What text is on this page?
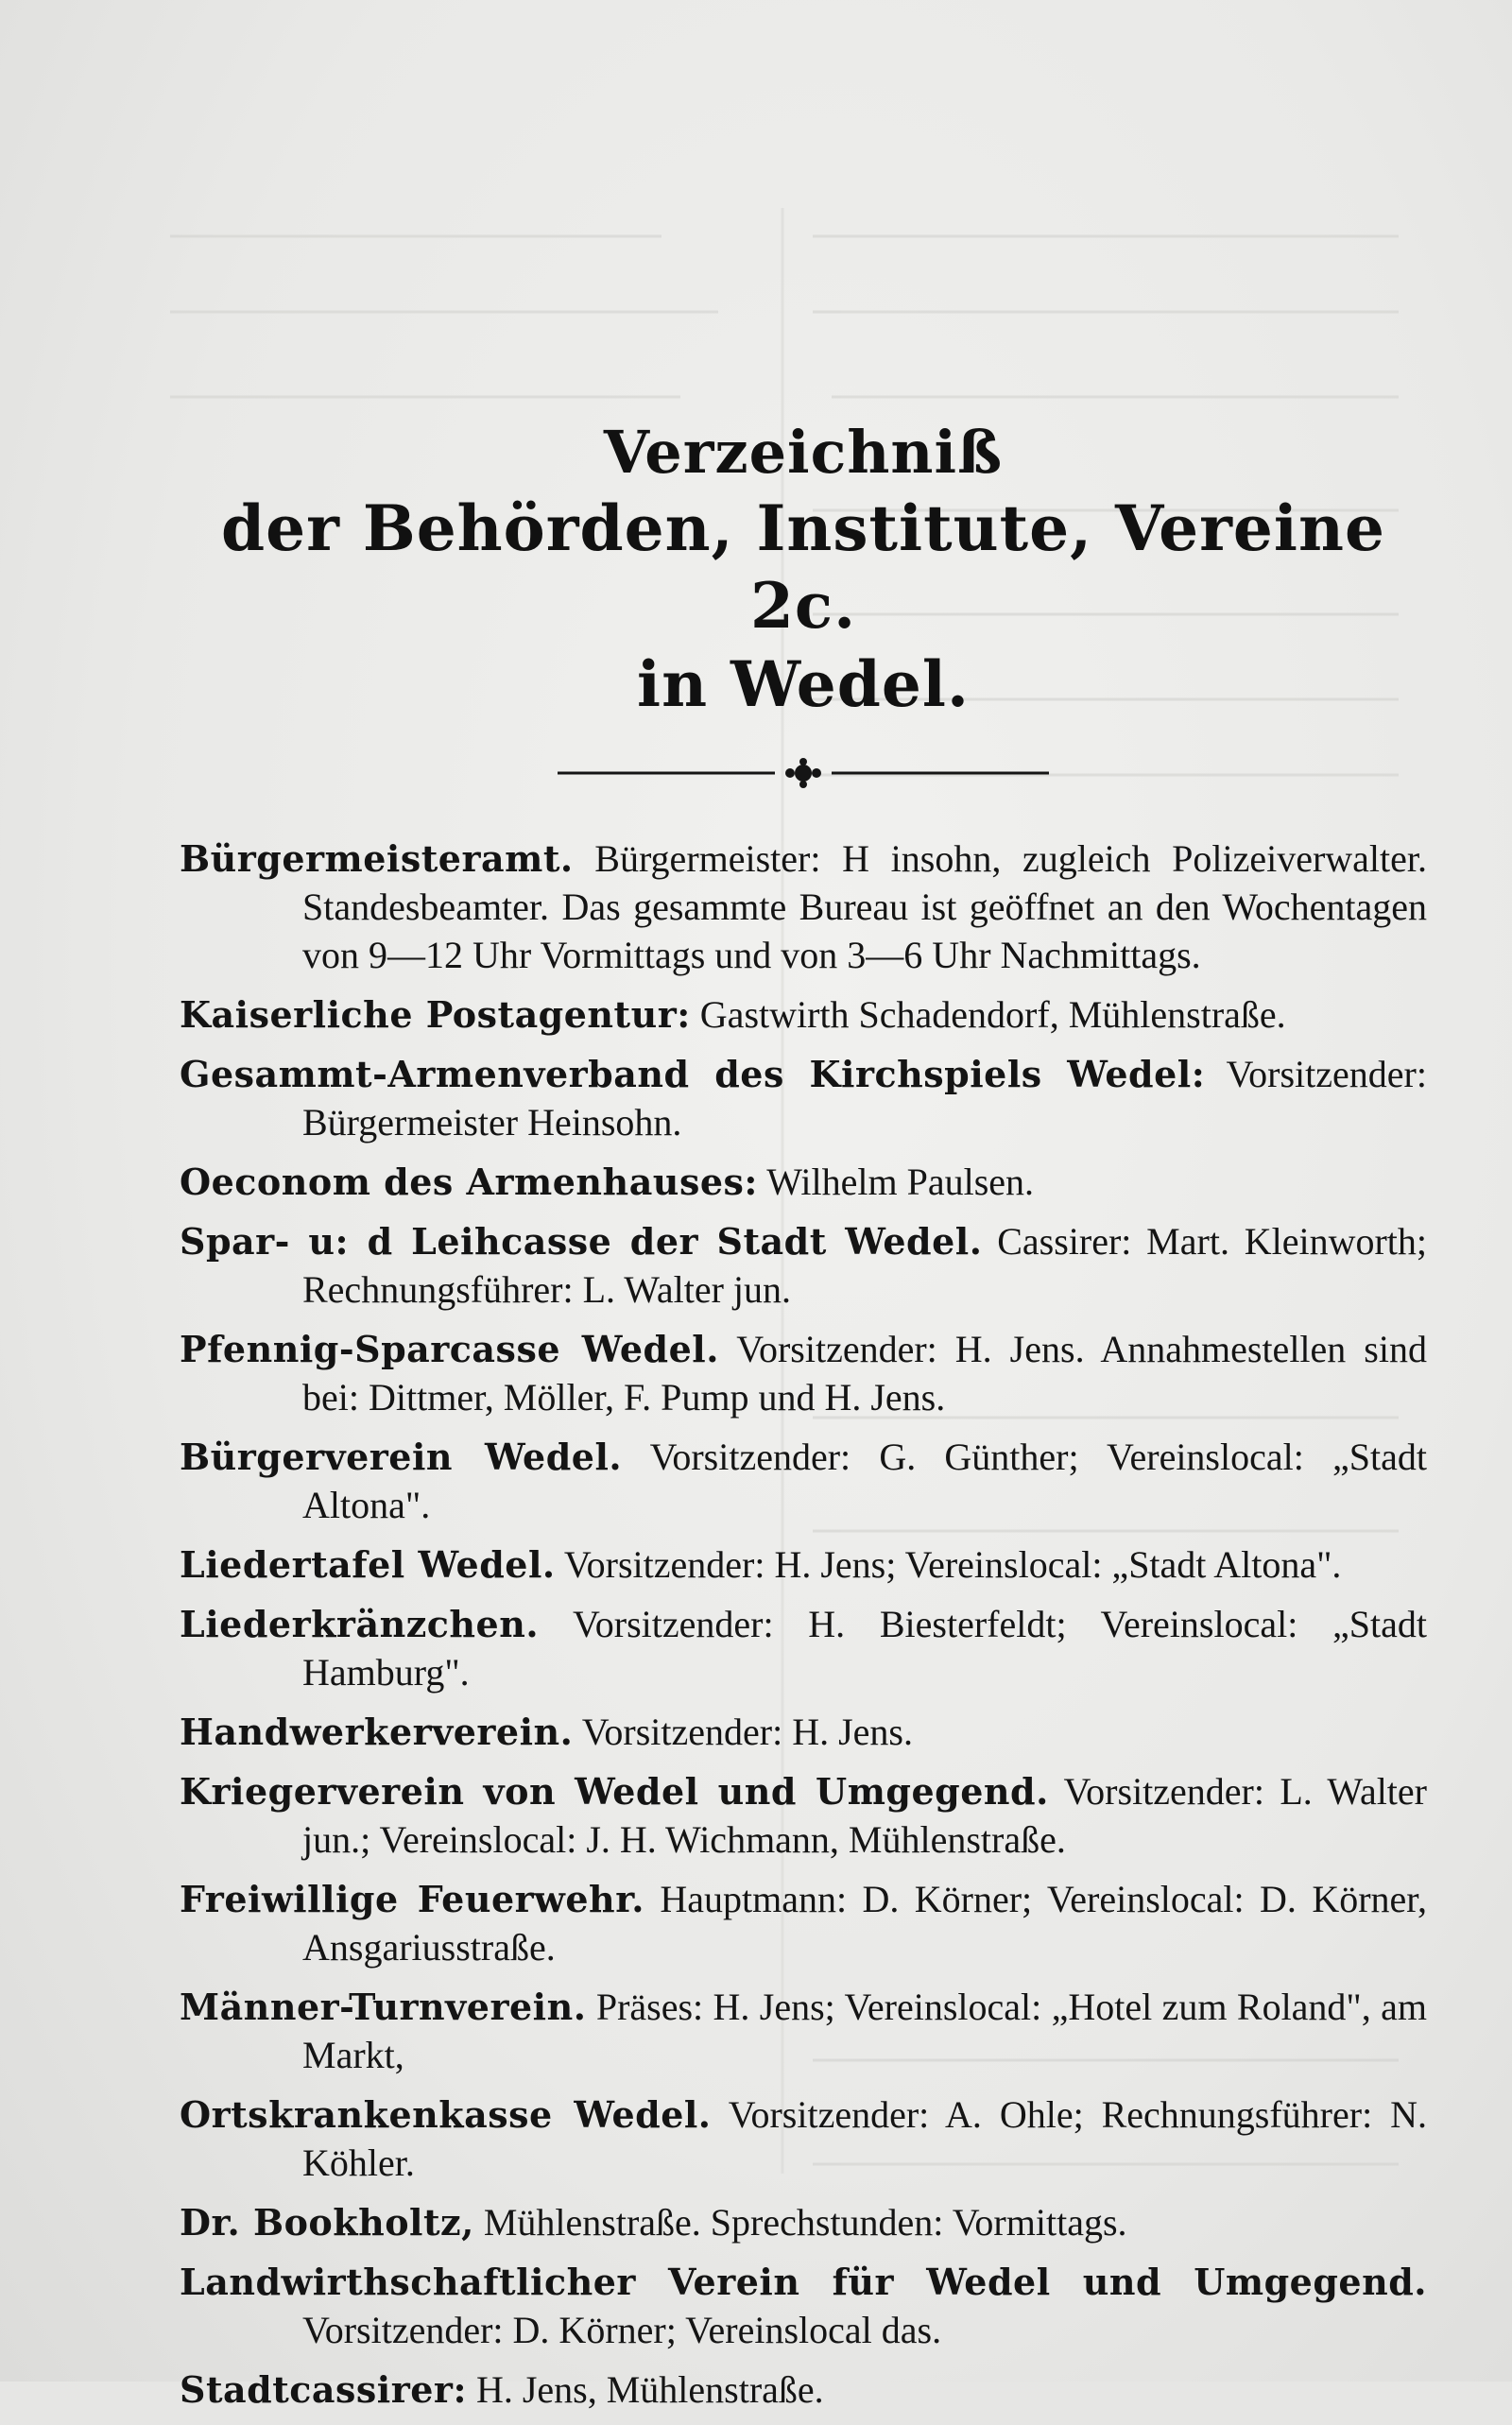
Verzeichniß
der Behörden, Institute, Vereine 2c.
in Wedel.
Bürgermeisteramt. Bürgermeister: H insohn, zugleich Polizeiverwalter. Standesbeamter. Das gesammte Bureau ist geöffnet an den Wochentagen von 9—12 Uhr Vormittags und von 3—6 Uhr Nachmittags.
Kaiserliche Postagentur: Gastwirth Schadendorf, Mühlenstraße.
Gesammt-Armenverband des Kirchspiels Wedel: Vorsitzender: Bürgermeister Heinsohn.
Oeconom des Armenhauses: Wilhelm Paulsen.
Spar- u: d Leihcasse der Stadt Wedel. Cassirer: Mart. Kleinworth; Rechnungsführer: L. Walter jun.
Pfennig-Sparcasse Wedel. Vorsitzender: H. Jens. Annahmestellen sind bei: Dittmer, Möller, F. Pump und H. Jens.
Bürgerverein Wedel. Vorsitzender: G. Günther; Vereinslocal: „Stadt Altona".
Liedertafel Wedel. Vorsitzender: H. Jens; Vereinslocal: „Stadt Altona".
Liederkränzchen. Vorsitzender: H. Biesterfeldt; Vereinslocal: „Stadt Hamburg".
Handwerkerverein. Vorsitzender: H. Jens.
Kriegerverein von Wedel und Umgegend. Vorsitzender: L. Walter jun.; Vereinslocal: J. H. Wichmann, Mühlenstraße.
Freiwillige Feuerwehr. Hauptmann: D. Körner; Vereinslocal: D. Körner, Ansgariusstraße.
Männer-Turnverein. Präses: H. Jens; Vereinslocal: „Hotel zum Roland", am Markt,
Ortskrankenkasse Wedel. Vorsitzender: A. Ohle; Rechnungsführer: N. Köhler.
Dr. Bookholtz, Mühlenstraße. Sprechstunden: Vormittags.
Landwirthschaftlicher Verein für Wedel und Umgegend. Vorsitzender: D. Körner; Vereinslocal das.
Stadtcassirer: H. Jens, Mühlenstraße.
